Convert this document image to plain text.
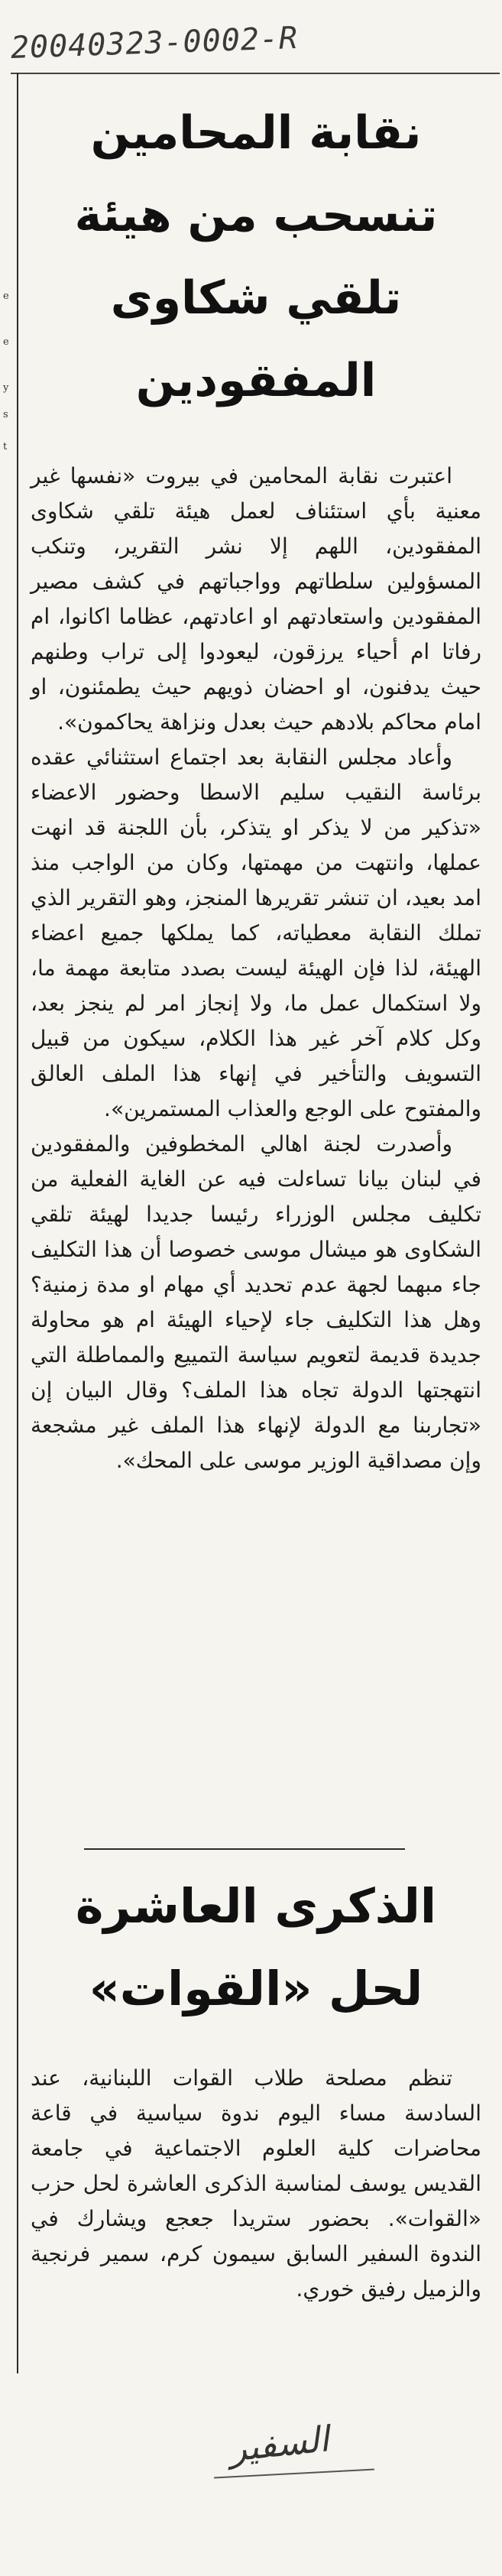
20040323-0002-R
e
e
y
s
t
نقابة المحامين
تنسحب من هيئة
تلقي شكاوى
المفقودين

اعتبرت نقابة المحامين في بيروت «نفسها غير معنية بأي استئناف لعمل هيئة تلقي شكاوى المفقودين، اللهم إلا نشر التقرير، وتنكب المسؤولين سلطاتهم وواجباتهم في كشف مصير المفقودين واستعادتهم او اعادتهم، عظاما اكانوا، ام رفاتا ام أحياء يرزقون، ليعودوا إلى تراب وطنهم حيث يدفنون، او احضان ذويهم حيث يطمئنون، او امام محاكم بلادهم حيث بعدل ونزاهة يحاكمون».

وأعاد مجلس النقابة بعد اجتماع استثنائي عقده برئاسة النقيب سليم الاسطا وحضور الاعضاء «تذكير من لا يذكر او يتذكر، بأن اللجنة قد انهت عملها، وانتهت من مهمتها، وكان من الواجب منذ امد بعيد، ان تنشر تقريرها المنجز، وهو التقرير الذي تملك النقابة معطياته، كما يملكها جميع اعضاء الهيئة، لذا فإن الهيئة ليست بصدد متابعة مهمة ما، ولا استكمال عمل ما، ولا إنجاز امر لم ينجز بعد، وكل كلام آخر غير هذا الكلام، سيكون من قبيل التسويف والتأخير في إنهاء هذا الملف العالق والمفتوح على الوجع والعذاب المستمرين».

وأصدرت لجنة اهالي المخطوفين والمفقودين في لبنان بيانا تساءلت فيه عن الغاية الفعلية من تكليف مجلس الوزراء رئيسا جديدا لهيئة تلقي الشكاوى هو ميشال موسى خصوصا أن هذا التكليف جاء مبهما لجهة عدم تحديد أي مهام او مدة زمنية؟ وهل هذا التكليف جاء لإحياء الهيئة ام هو محاولة جديدة قديمة لتعويم سياسة التمييع والمماطلة التي انتهجتها الدولة تجاه هذا الملف؟ وقال البيان إن «تجاربنا مع الدولة لإنهاء هذا الملف غير مشجعة وإن مصداقية الوزير موسى على المحك».

الذكرى العاشرة
لحل «القوات»

تنظم مصلحة طلاب القوات اللبنانية، عند السادسة مساء اليوم ندوة سياسية في قاعة محاضرات كلية العلوم الاجتماعية في جامعة القديس يوسف لمناسبة الذكرى العاشرة لحل حزب «القوات». بحضور ستريدا جعجع ويشارك في الندوة السفير السابق سيمون كرم، سمير فرنجية والزميل رفيق خوري.

السفير
